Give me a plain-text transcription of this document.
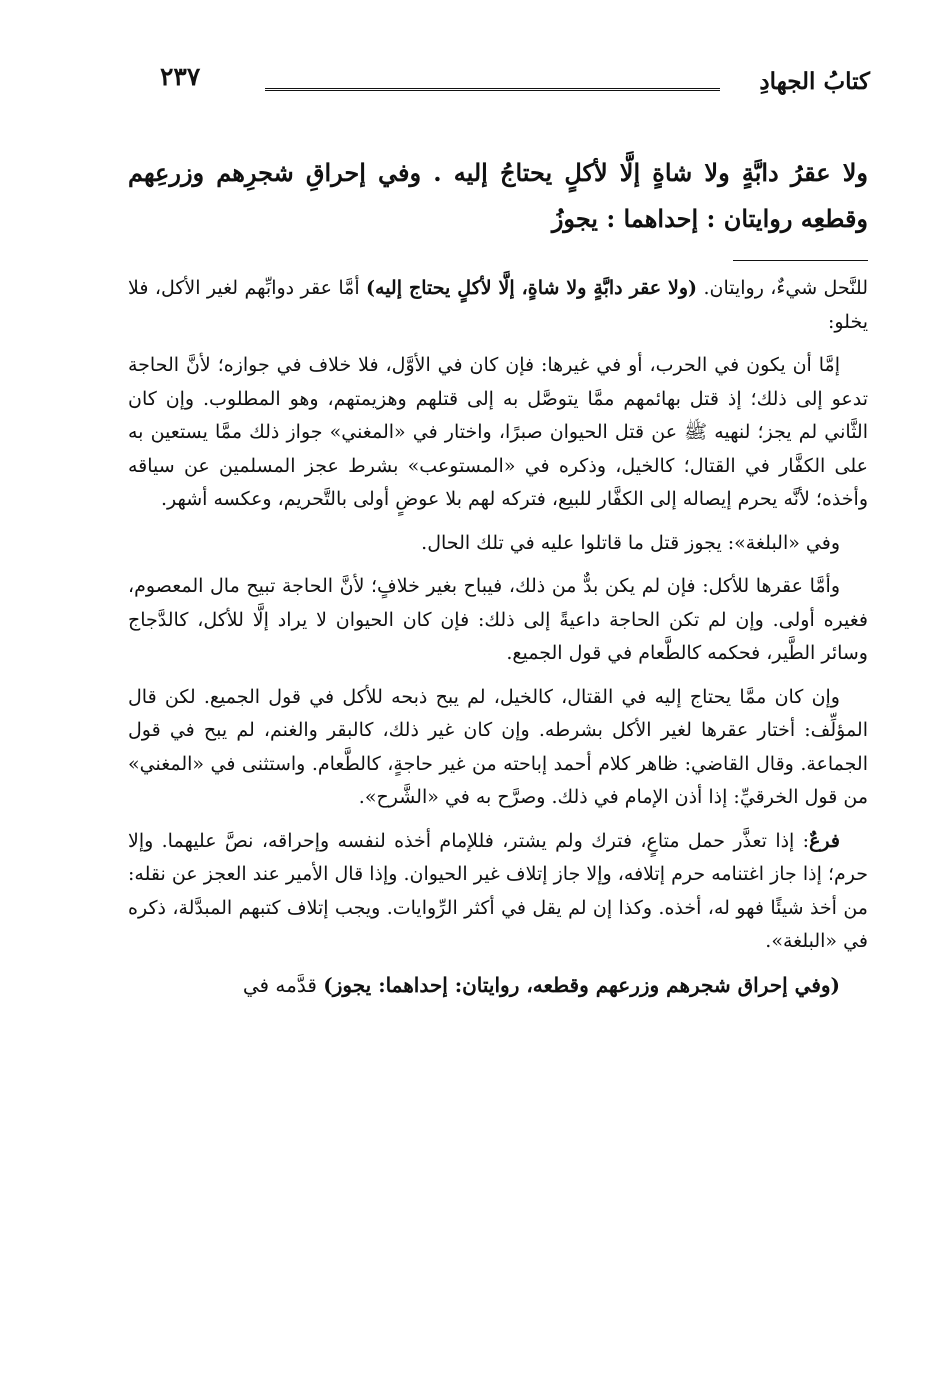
كتابُ الجهادِ
٢٣٧
ولا عقرُ دابَّةٍ ولا شاةٍ إلَّا لأكلٍ يحتاجُ إليه . وفي إحراقِ شجرِهم وزرعِهم وقطعِه روايتان : إحداهما : يجوزُ

للنَّحل شيءٌ، روايتان. (ولا عقر دابَّةٍ ولا شاةٍ، إلَّا لأكلٍ يحتاج إليه) أمَّا عقر دوابِّهم لغير الأكل، فلا يخلو:

إمَّا أن يكون في الحرب، أو في غيرها: فإن كان في الأوَّل، فلا خلاف في جوازه؛ لأنَّ الحاجة تدعو إلى ذلك؛ إذ قتل بهائمهم ممَّا يتوصَّل به إلى قتلهم وهزيمتهم، وهو المطلوب. وإن كان الثَّاني لم يجز؛ لنهيه ﷺ عن قتل الحيوان صبرًا، واختار في «المغني» جواز ذلك ممَّا يستعين به على الكفَّار في القتال؛ كالخيل، وذكره في «المستوعب» بشرط عجز المسلمين عن سياقه وأخذه؛ لأنَّه يحرم إيصاله إلى الكفَّار للبيع، فتركه لهم بلا عوضٍ أولى بالتَّحريم، وعكسه أشهر.

وفي «البلغة»: يجوز قتل ما قاتلوا عليه في تلك الحال.

وأمَّا عقرها للأكل: فإن لم يكن بدٌّ من ذلك، فيباح بغير خلافٍ؛ لأنَّ الحاجة تبيح مال المعصوم، فغيره أولى. وإن لم تكن الحاجة داعيةً إلى ذلك: فإن كان الحيوان لا يراد إلَّا للأكل، كالدَّجاج وسائر الطَّير، فحكمه كالطَّعام في قول الجميع.

وإن كان ممَّا يحتاج إليه في القتال، كالخيل، لم يبح ذبحه للأكل في قول الجميع. لكن قال المؤلِّف: أختار عقرها لغير الأكل بشرطه. وإن كان غير ذلك، كالبقر والغنم، لم يبح في قول الجماعة. وقال القاضي: ظاهر كلام أحمد إباحته من غير حاجةٍ، كالطَّعام. واستثنى في «المغني» من قول الخرقيِّ: إذا أذن الإمام في ذلك. وصرَّح به في «الشَّرح».

فرعٌ: إذا تعذَّر حمل متاعٍ، فترك ولم يشتر، فللإمام أخذه لنفسه وإحراقه، نصَّ عليهما. وإلا حرم؛ إذا جاز اغتنامه حرم إتلافه، وإلا جاز إتلاف غير الحيوان. وإذا قال الأمير عند العجز عن نقله: من أخذ شيئًا فهو له، أخذه. وكذا إن لم يقل في أكثر الرِّوايات. ويجب إتلاف كتبهم المبدَّلة، ذكره في «البلغة».

(وفي إحراق شجرهم وزرعهم وقطعه، روايتان: إحداهما: يجوز) قدَّمه في
